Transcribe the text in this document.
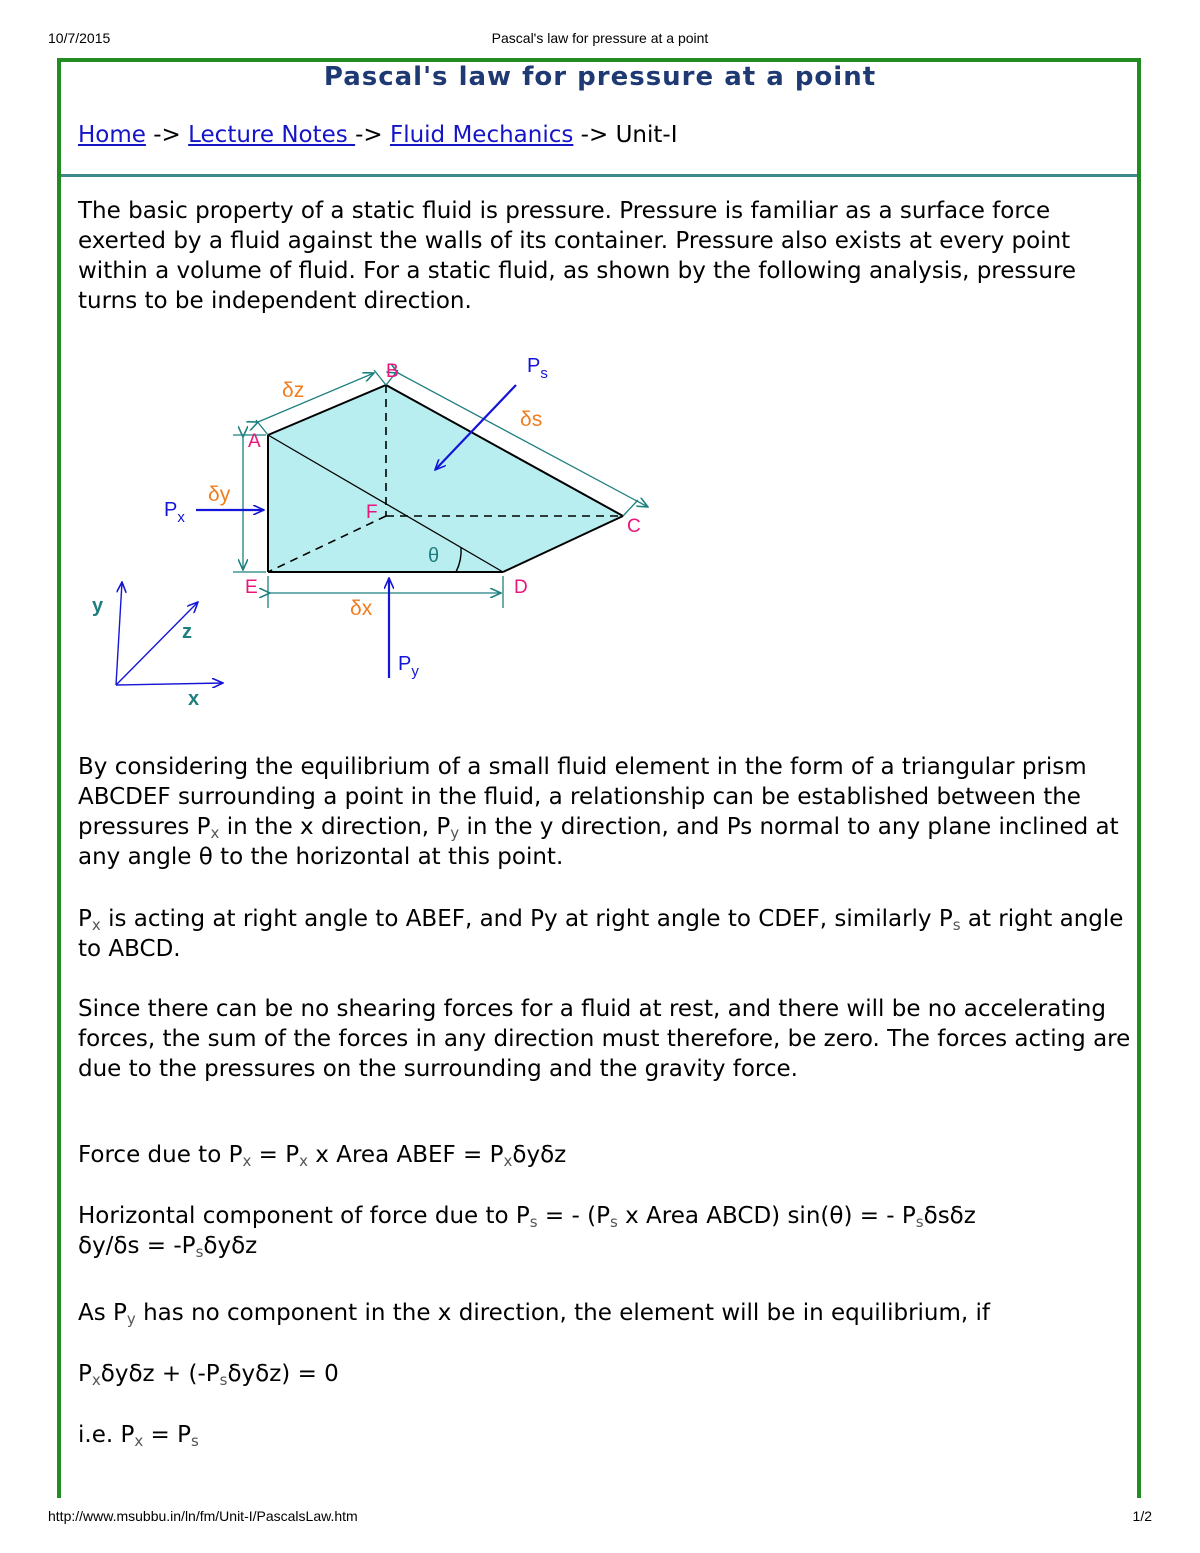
10/7/2015	Pascal's law for pressure at a point
Pascal's law for pressure at a point
Home -> Lecture Notes -> Fluid Mechanics -> Unit-I
The basic property of a static fluid is pressure. Pressure is familiar as a surface force exerted by a fluid against the walls of its container. Pressure also exists at every point within a volume of fluid. For a static fluid, as shown by the following analysis, pressure turns to be independent direction.
A
B
C
D
E
F
δz
δs
δy
δx
θ
$P_x$
$P_y$
$P_s$
y
z
x
By considering the equilibrium of a small fluid element in the form of a triangular prism ABCDEF surrounding a point in the fluid, a relationship can be established between the pressures $P_x$ in the x direction, $P_y$ in the y direction, and Ps normal to any plane inclined at any angle θ to the horizontal at this point.
$P_x$ is acting at right angle to ABEF, and Py at right angle to CDEF, similarly $P_s$ at right angle to ABCD.
Since there can be no shearing forces for a fluid at rest, and there will be no accelerating forces, the sum of the forces in any direction must therefore, be zero. The forces acting are due to the pressures on the surrounding and the gravity force.
Force due to $P_x = P_x$ x Area ABEF = $P_x\delta y\delta z$
Horizontal component of force due to $P_s$ = - ($P_s$ x Area ABCD) sin(θ) = - $P_s\delta s\delta z$
$\delta y/\delta s = -P_s\delta y\delta z$
As $P_y$ has no component in the x direction, the element will be in equilibrium, if
$P_x\delta y\delta z + (-P_s\delta y\delta z) = 0$
i.e. $P_x = P_s$
http://www.msubbu.in/ln/fm/Unit-I/PascalsLaw.htm	1/2
